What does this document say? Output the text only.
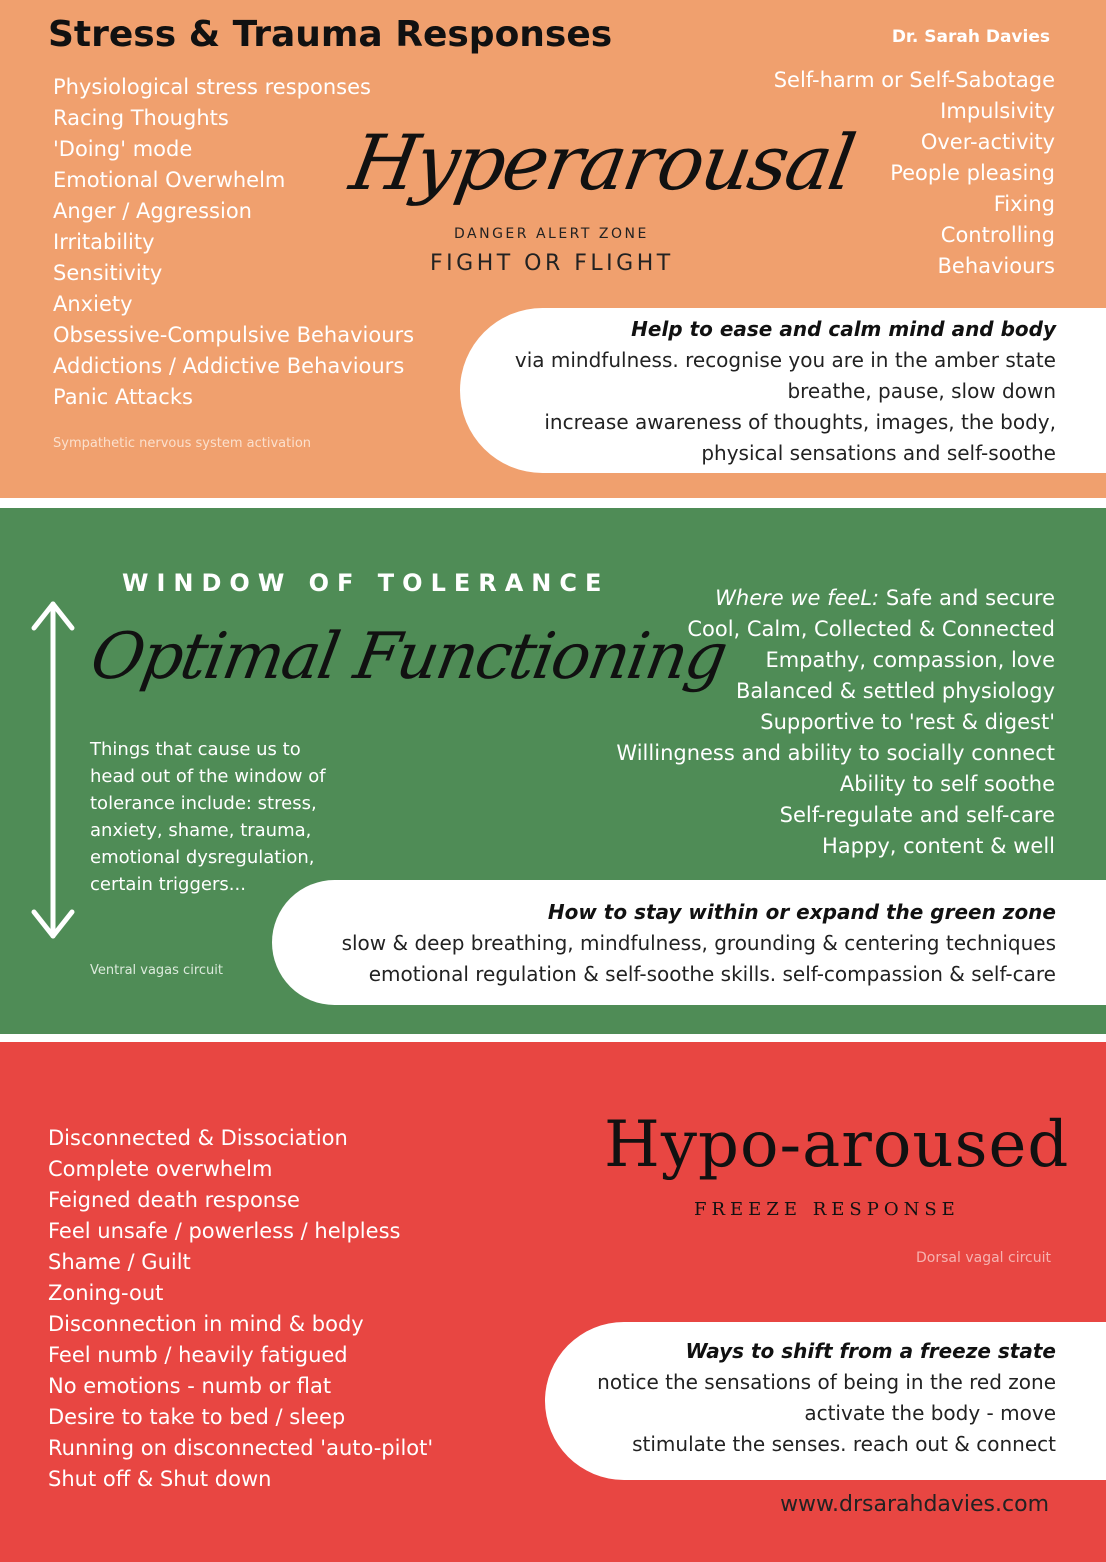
Stress & Trauma Responses	Dr. Sarah Davies
Physiological stress responses
Racing Thoughts
'Doing' mode
Emotional Overwhelm
Anger / Aggression
Irritability
Sensitivity
Anxiety
Obsessive-Compulsive Behaviours
Addictions / Addictive Behaviours
Panic Attacks
Self-harm or Self-Sabotage
Impulsivity
Over-activity
People pleasing
Fixing
Controlling
Behaviours
Hyperarousal
DANGER ALERT ZONE
FIGHT OR FLIGHT
Sympathetic nervous system activation
Help to ease and calm mind and body
via mindfulness. recognise you are in the amber state
breathe, pause, slow down
increase awareness of thoughts, images, the body,
physical sensations and self-soothe
WINDOW OF TOLERANCE
Optimal Functioning
Things that cause us to head out of the window of tolerance include: stress, anxiety, shame, trauma, emotional dysregulation, certain triggers...
Where we feeL: Safe and secure
Cool, Calm, Collected & Connected
Empathy, compassion, love
Balanced & settled physiology
Supportive to 'rest & digest'
Willingness and ability to socially connect
Ability to self soothe
Self-regulate and self-care
Happy, content & well
Ventral vagas circuit
How to stay within or expand the green zone
slow & deep breathing, mindfulness, grounding & centering techniques
emotional regulation & self-soothe skills. self-compassion & self-care
Disconnected & Dissociation
Complete overwhelm
Feigned death response
Feel unsafe / powerless / helpless
Shame / Guilt
Zoning-out
Disconnection in mind & body
Feel numb / heavily fatigued
No emotions - numb or flat
Desire to take to bed / sleep
Running on disconnected 'auto-pilot'
Shut off & Shut down
Hypo-aroused
FREEZE RESPONSE
Dorsal vagal circuit
Ways to shift from a freeze state
notice the sensations of being in the red zone
activate the body - move
stimulate the senses. reach out & connect
www.drsarahdavies.com
